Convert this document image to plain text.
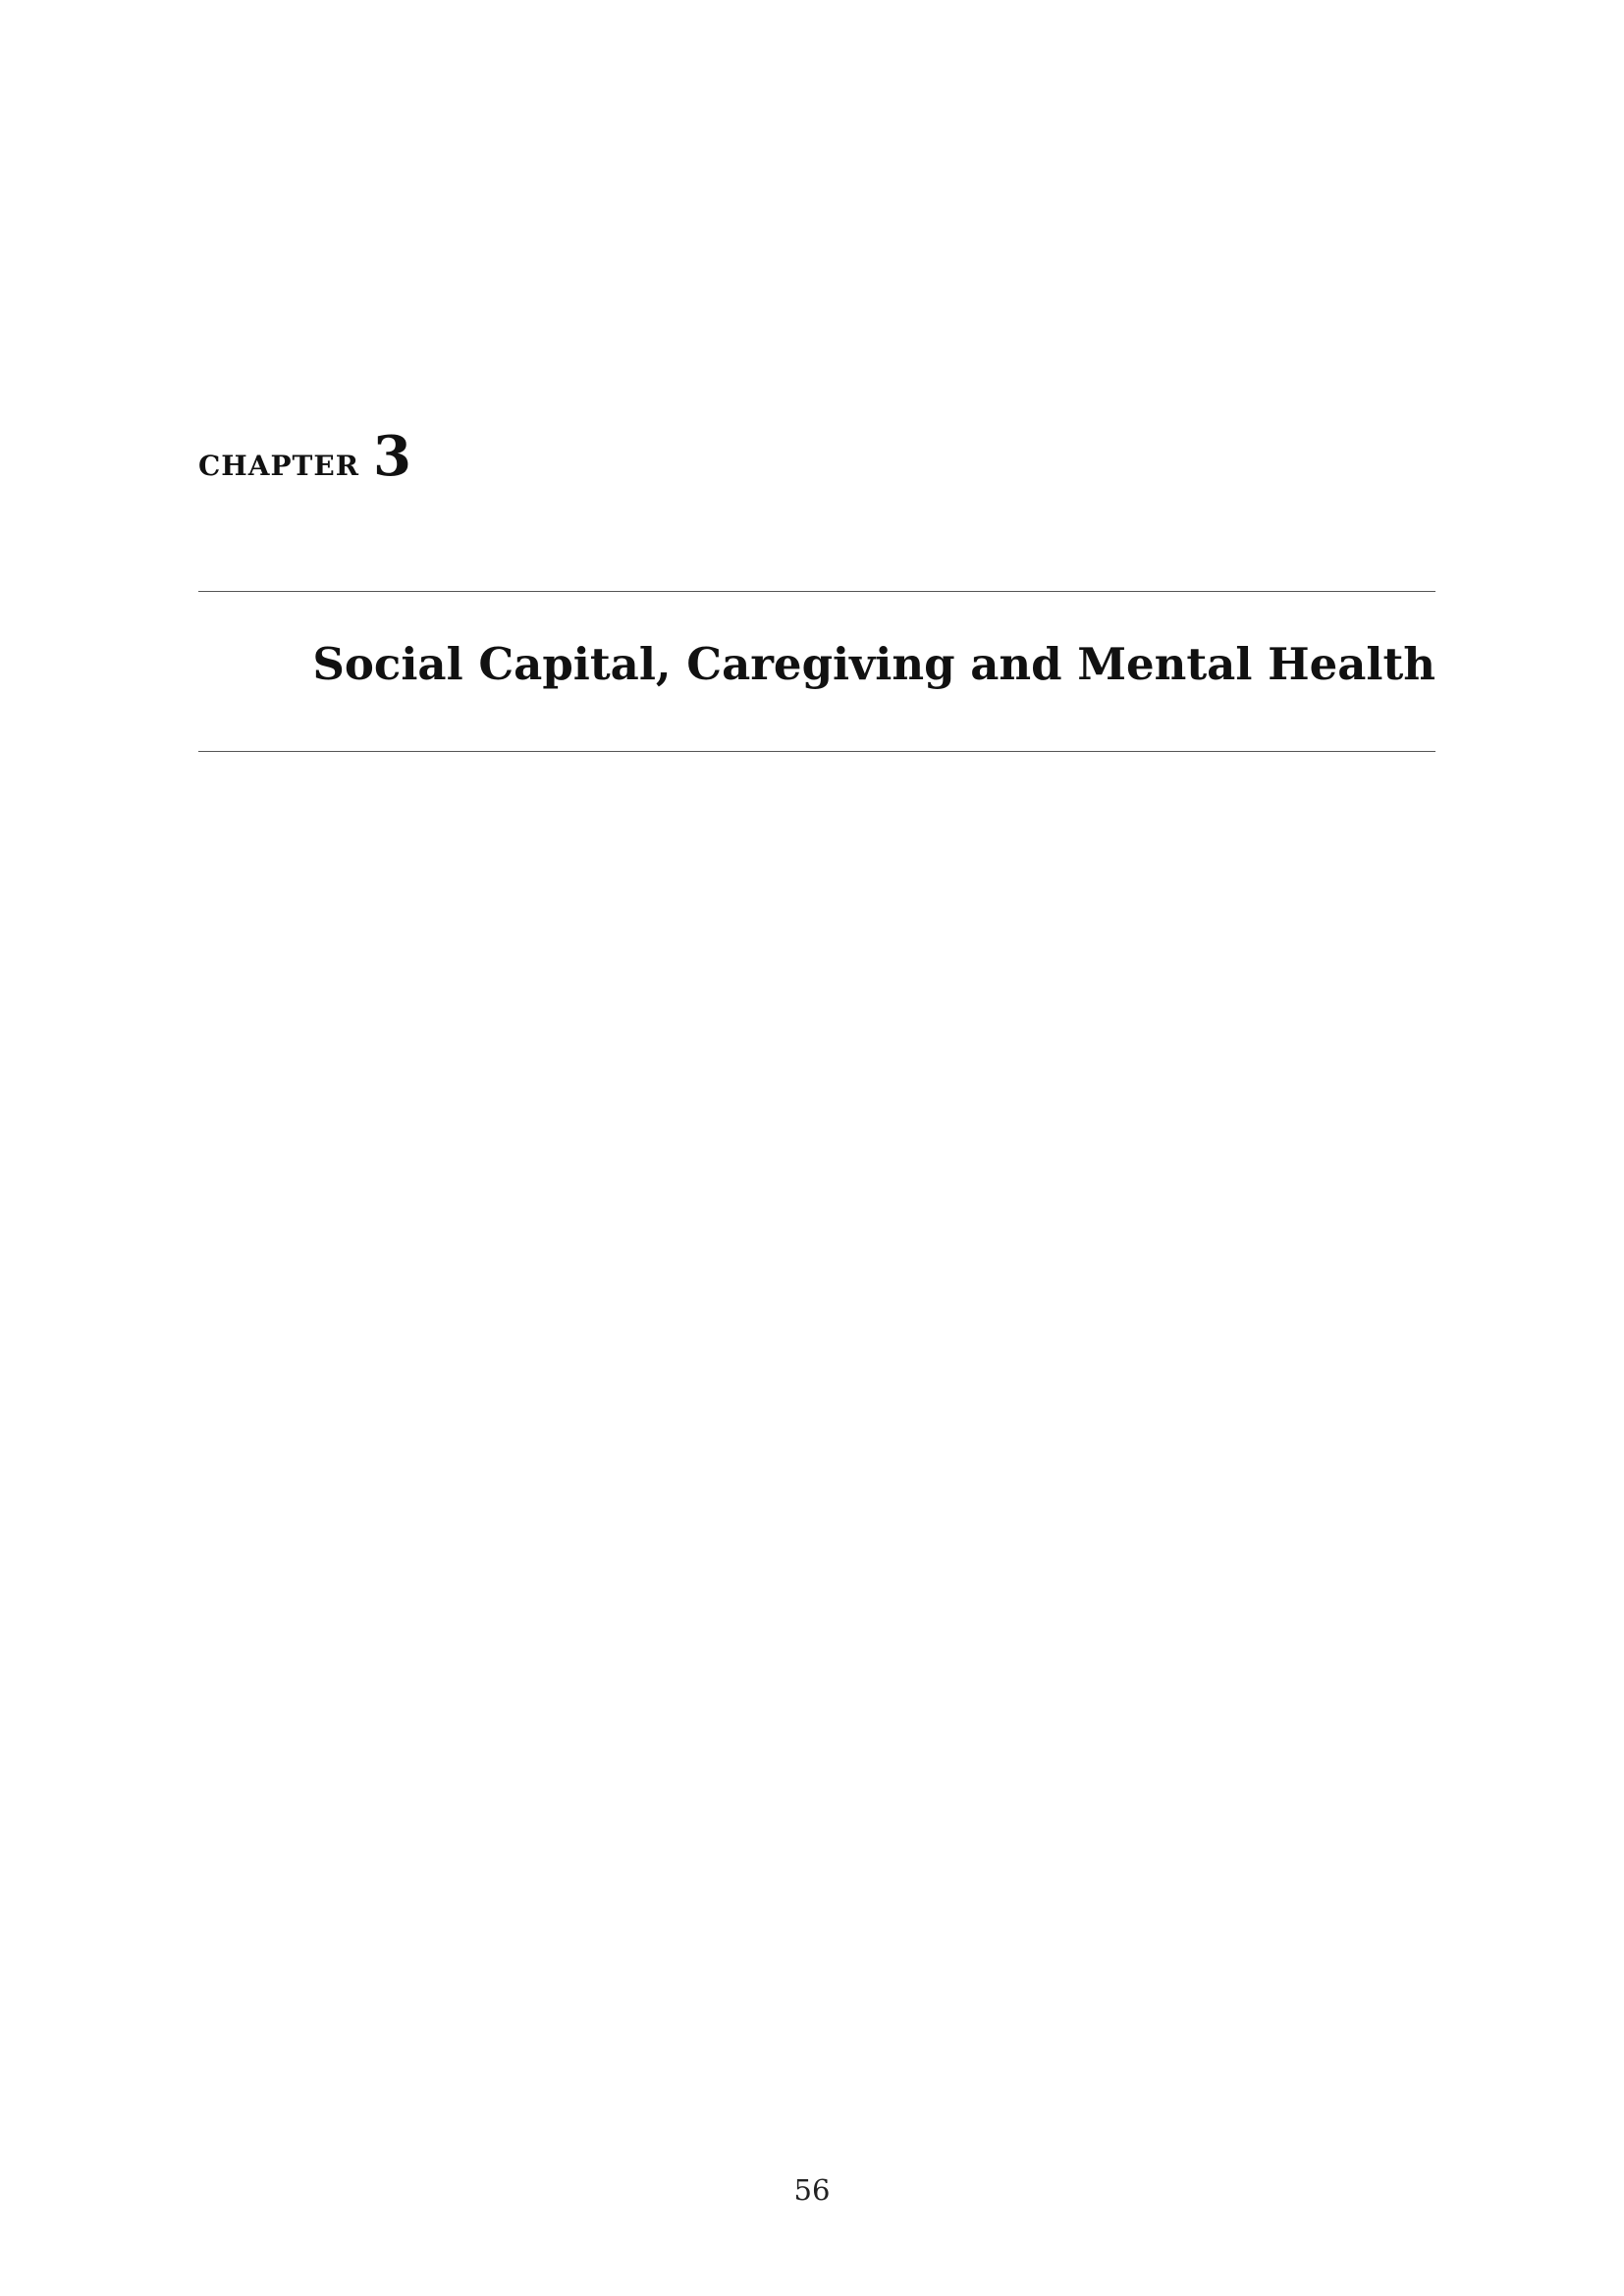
chapter 3
Social Capital, Caregiving and Mental Health
56
